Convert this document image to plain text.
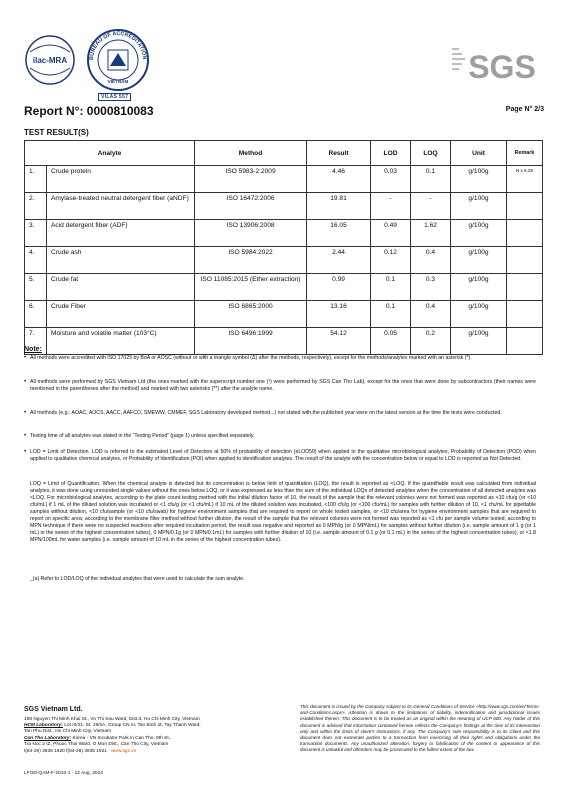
ilac-MRA	BUREAU OF ACCREDITATION
VIETNAM
VILAS 557
SGS
Report N°: 0000810083	Page N° 2/3
TEST RESULT(S)
Analyte		Method	Result	LOD	LOQ	Unit	Remark
1.	Crude protein	ISO 5983-2:2009	4.46	0.03	0.1	g/100g	N x 6.25
2.	Amylase-treated neutral detergent fiber (aNDF)	ISO 16472:2006	19.81	-	-	g/100g	
3.	Acid detergent fiber (ADF)	ISO 13906:2008	16.05	0.49	1.62	g/100g	
4.	Crude ash	ISO 5984:2022	2.44	0.12	0.4	g/100g	
5.	Crude fat	ISO 11085:2015 (Ether extraction)	0.99	0.1	0.3	g/100g	
6.	Crude Fiber	ISO 6865:2000	13.16	0.1	0.4	g/100g	
7.	Moisture and volatile matter (103°C)	ISO 6496:1999	54.12	0.05	0.2	g/100g	
Note:
• All methods were accredited with ISO 17025 by BoA or AOSC (without or with a triangle symbol (Δ) after the methods, respectively), except for the methods/analytes marked with an asterisk (*).
• All methods were performed by SGS Vietnam Ltd (the ones marked with the superscript number one (¹) were performed by SGS Can Tho Lab), except for the ones that were done by subcontractors (their names were mentioned in the parentheses after the method) and marked with two asterisks (**) after the analyte name.
• All methods (e.g.: AOAC, AOCS, AACC, AAFCO, SMEWW, CMMEF, SGS Laboratory developed method...) not stated with the published year were on the latest version at the time the tests were conducted.
• Testing time of all analytes was stated in the “Testing Period” (page 1) unless specified separately.
• LOD = Limit of Detection. LOD is referred to the estimated Level of Detection at 50% of probability of detection (eLOD50) when applied to the qualitative microbiological analytes, Probability of Detection (POD) when applied to qualitative chemical analytes, or Probability of Identification (POI) when applied to identification analytes. The result of the analyte with the concentration below or equal to LOD is reported as Not Detected.
LOQ = Limit of Quantification. When the chemical analyte is detected but its concentration is below limit of quantitation (LOQ), the result is reported as <LOQ. If the quantifiable result was calculated from individual analytes, it was done using unrounded single values without the ones below LOQ, or it was expressed as less than the sum of the individual LOQs of detected analytes when the concentration of all detected analytes was <LOQ. For microbiological analytes, according to the plate count testing method with the initial dilution factor of 10, the result of the sample that the relevant colonies were not formed was reported as <10 cfu/g (or <10 cfu/mL) if 1 mL of the diluted solution was incubated or <1 cfu/g (or <1 cfu/mL) if 10 mL of the diluted solution was incubated, <100 cfu/g (or <100 cfu/mL) for samples with further dilution of 10, <1 cfu/mL for pipettable samples without dilution, <10 cfu/sample (or <10 cfu/swab) for hygiene environment samples that are required to report on whole tested samples, or <10 cfu/area for hygiene environment samples that are required to report on specific area; according to the membrane filter method without further dilution, the result of the sample that the relevant colonies were not formed was reported as <1 cfu per sample volume tested; according to MPN technique if there were no suspected reactions after required incubation period, the result was negative and reported as 0 MPN/g (or 0 MPN/mL) for samples without further dilution (i.e. sample amount of 1 g (or 1 mL) in the series of the highest concentration tubes), 0 MPN/0.1g (or 0 MPN/0.1mL) for samples with further dilution of 10 (i.e. sample amount of 0.1 g (or 0.1 mL) in the series of the highest concentration tubes), or <1.8 MPN/100mL for water samples (i.e. sample amount of 10 mL in the series of the highest concentration tubes).
_(a) Refer to LOD/LOQ of the individual analytes that were used to calculate the sum analyte.
SGS Vietnam Ltd.
198 Nguyen Thi Minh Khai St., Vo Thi Sau Ward, Dist.3, Ho Chi Minh City, Vietnam
HCM Laboratory: Lot III/21, St. 19/5A, Group CN III, Tan Binh IZ, Tay Thanh Ward,
Tan Phu Dist., Ho Chi Minh City, Vietnam
Can Tho Laboratory: Korea - VN Incubator Park in Can Tho, 8th St.,
Tra Noc 2 IZ, Phuoc Thoi Ward, O Mon Dist., Can Tho City, Vietnam
t(84-28) 3935 1920 f(84-28) 3935 1921 www.sgs.vn
This document is issued by the Company subject to its General Conditions of Service <http://www.sgs.com/en/Terms-and-Conditions.aspx>. Attention is drawn to the limitations of liability, indemnification and jurisdictional issues established therein. This document is to be treated as an original within the meaning of UCP 600. Any holder of this document is advised that information contained hereon reflects the Company's findings at the time of its intervention only and within the limits of client's instructions, if any. The Company's sole responsibility is to its Client and this document does not exonerate parties to a transaction from exercising all their rights and obligations under the transaction documents. Any unauthorized alteration, forgery or falsification of the content or appearance of this document is unlawful and offenders may be prosecuted to the fullest extent of the law.
LFOD-QAM-F-2010-1 - 12 Aug, 2024
